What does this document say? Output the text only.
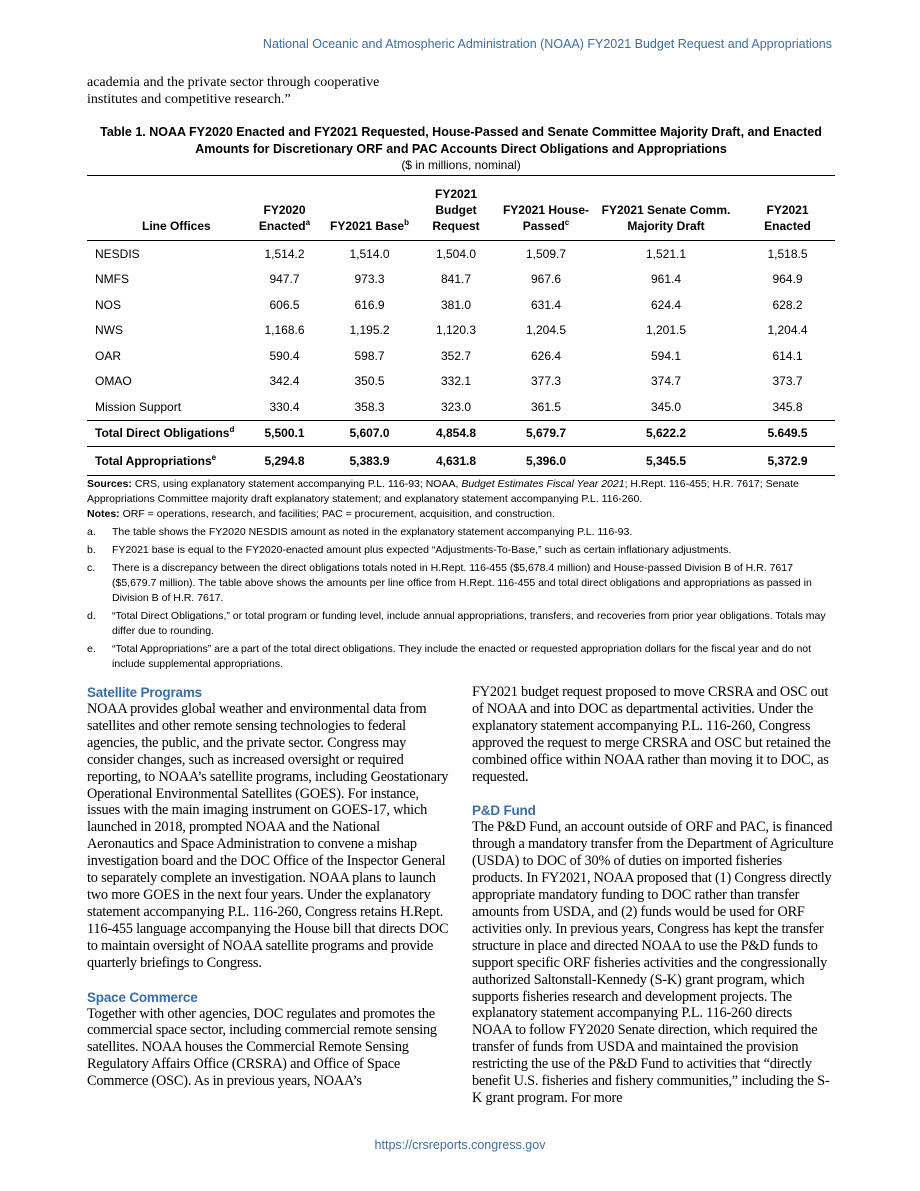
National Oceanic and Atmospheric Administration (NOAA) FY2021 Budget Request and Appropriations
academia and the private sector through cooperative institutes and competitive research.”
Table 1. NOAA FY2020 Enacted and FY2021 Requested, House-Passed and Senate Committee Majority Draft, and Enacted Amounts for Discretionary ORF and PAC Accounts Direct Obligations and Appropriations
($ in millions, nominal)
Line Offices	FY2020 Enacted$^a$	FY2021 Base$^b$	FY2021 Budget Request	FY2021 House-Passed$^c$	FY2021 Senate Comm. Majority Draft	FY2021 Enacted
NESDIS	1,514.2	1,514.0	1,504.0	1,509.7	1,521.1	1,518.5
NMFS	947.7	973.3	841.7	967.6	961.4	964.9
NOS	606.5	616.9	381.0	631.4	624.4	628.2
NWS	1,168.6	1,195.2	1,120.3	1,204.5	1,201.5	1,204.4
OAR	590.4	598.7	352.7	626.4	594.1	614.1
OMAO	342.4	350.5	332.1	377.3	374.7	373.7
Mission Support	330.4	358.3	323.0	361.5	345.0	345.8
Total Direct Obligations$^d$	5,500.1	5,607.0	4,854.8	5,679.7	5,622.2	5.649.5
Total Appropriations$^e$	5,294.8	5,383.9	4,631.8	5,396.0	5,345.5	5,372.9

Sources: CRS, using explanatory statement accompanying P.L. 116-93; NOAA, Budget Estimates Fiscal Year 2021; H.Rept. 116-455; H.R. 7617; Senate Appropriations Committee majority draft explanatory statement; and explanatory statement accompanying P.L. 116-260.

Notes: ORF = operations, research, and facilities; PAC = procurement, acquisition, and construction.

a.	The table shows the FY2020 NESDIS amount as noted in the explanatory statement accompanying P.L. 116-93.
b.	FY2021 base is equal to the FY2020-enacted amount plus expected “Adjustments-To-Base,” such as certain inflationary adjustments.
c.	There is a discrepancy between the direct obligations totals noted in H.Rept. 116-455 ($5,678.4 million) and House-passed Division B of H.R. 7617 ($5,679.7 million). The table above shows the amounts per line office from H.Rept. 116-455 and total direct obligations and appropriations as passed in Division B of H.R. 7617.
d.	“Total Direct Obligations,” or total program or funding level, include annual appropriations, transfers, and recoveries from prior year obligations. Totals may differ due to rounding.
e.	“Total Appropriations” are a part of the total direct obligations. They include the enacted or requested appropriation dollars for the fiscal year and do not include supplemental appropriations.
Satellite Programs

NOAA provides global weather and environmental data from satellites and other remote sensing technologies to federal agencies, the public, and the private sector. Congress may consider changes, such as increased oversight or required reporting, to NOAA’s satellite programs, including Geostationary Operational Environmental Satellites (GOES). For instance, issues with the main imaging instrument on GOES-17, which launched in 2018, prompted NOAA and the National Aeronautics and Space Administration to convene a mishap investigation board and the DOC Office of the Inspector General to separately complete an investigation. NOAA plans to launch two more GOES in the next four years. Under the explanatory statement accompanying P.L. 116-260, Congress retains H.Rept. 116-455 language accompanying the House bill that directs DOC to maintain oversight of NOAA satellite programs and provide quarterly briefings to Congress.

Space Commerce

Together with other agencies, DOC regulates and promotes the commercial space sector, including commercial remote sensing satellites. NOAA houses the Commercial Remote Sensing Regulatory Affairs Office (CRSRA) and Office of Space Commerce (OSC). As in previous years, NOAA’s

FY2021 budget request proposed to move CRSRA and OSC out of NOAA and into DOC as departmental activities. Under the explanatory statement accompanying P.L. 116-260, Congress approved the request to merge CRSRA and OSC but retained the combined office within NOAA rather than moving it to DOC, as requested.

P&D Fund

The P&D Fund, an account outside of ORF and PAC, is financed through a mandatory transfer from the Department of Agriculture (USDA) to DOC of 30% of duties on imported fisheries products. In FY2021, NOAA proposed that (1) Congress directly appropriate mandatory funding to DOC rather than transfer amounts from USDA, and (2) funds would be used for ORF activities only. In previous years, Congress has kept the transfer structure in place and directed NOAA to use the P&D funds to support specific ORF fisheries activities and the congressionally authorized Saltonstall-Kennedy (S-K) grant program, which supports fisheries research and development projects. The explanatory statement accompanying P.L. 116-260 directs NOAA to follow FY2020 Senate direction, which required the transfer of funds from USDA and maintained the provision restricting the use of the P&D Fund to activities that “directly benefit U.S. fisheries and fishery communities,” including the S-K grant program. For more

https://crsreports.congress.gov
